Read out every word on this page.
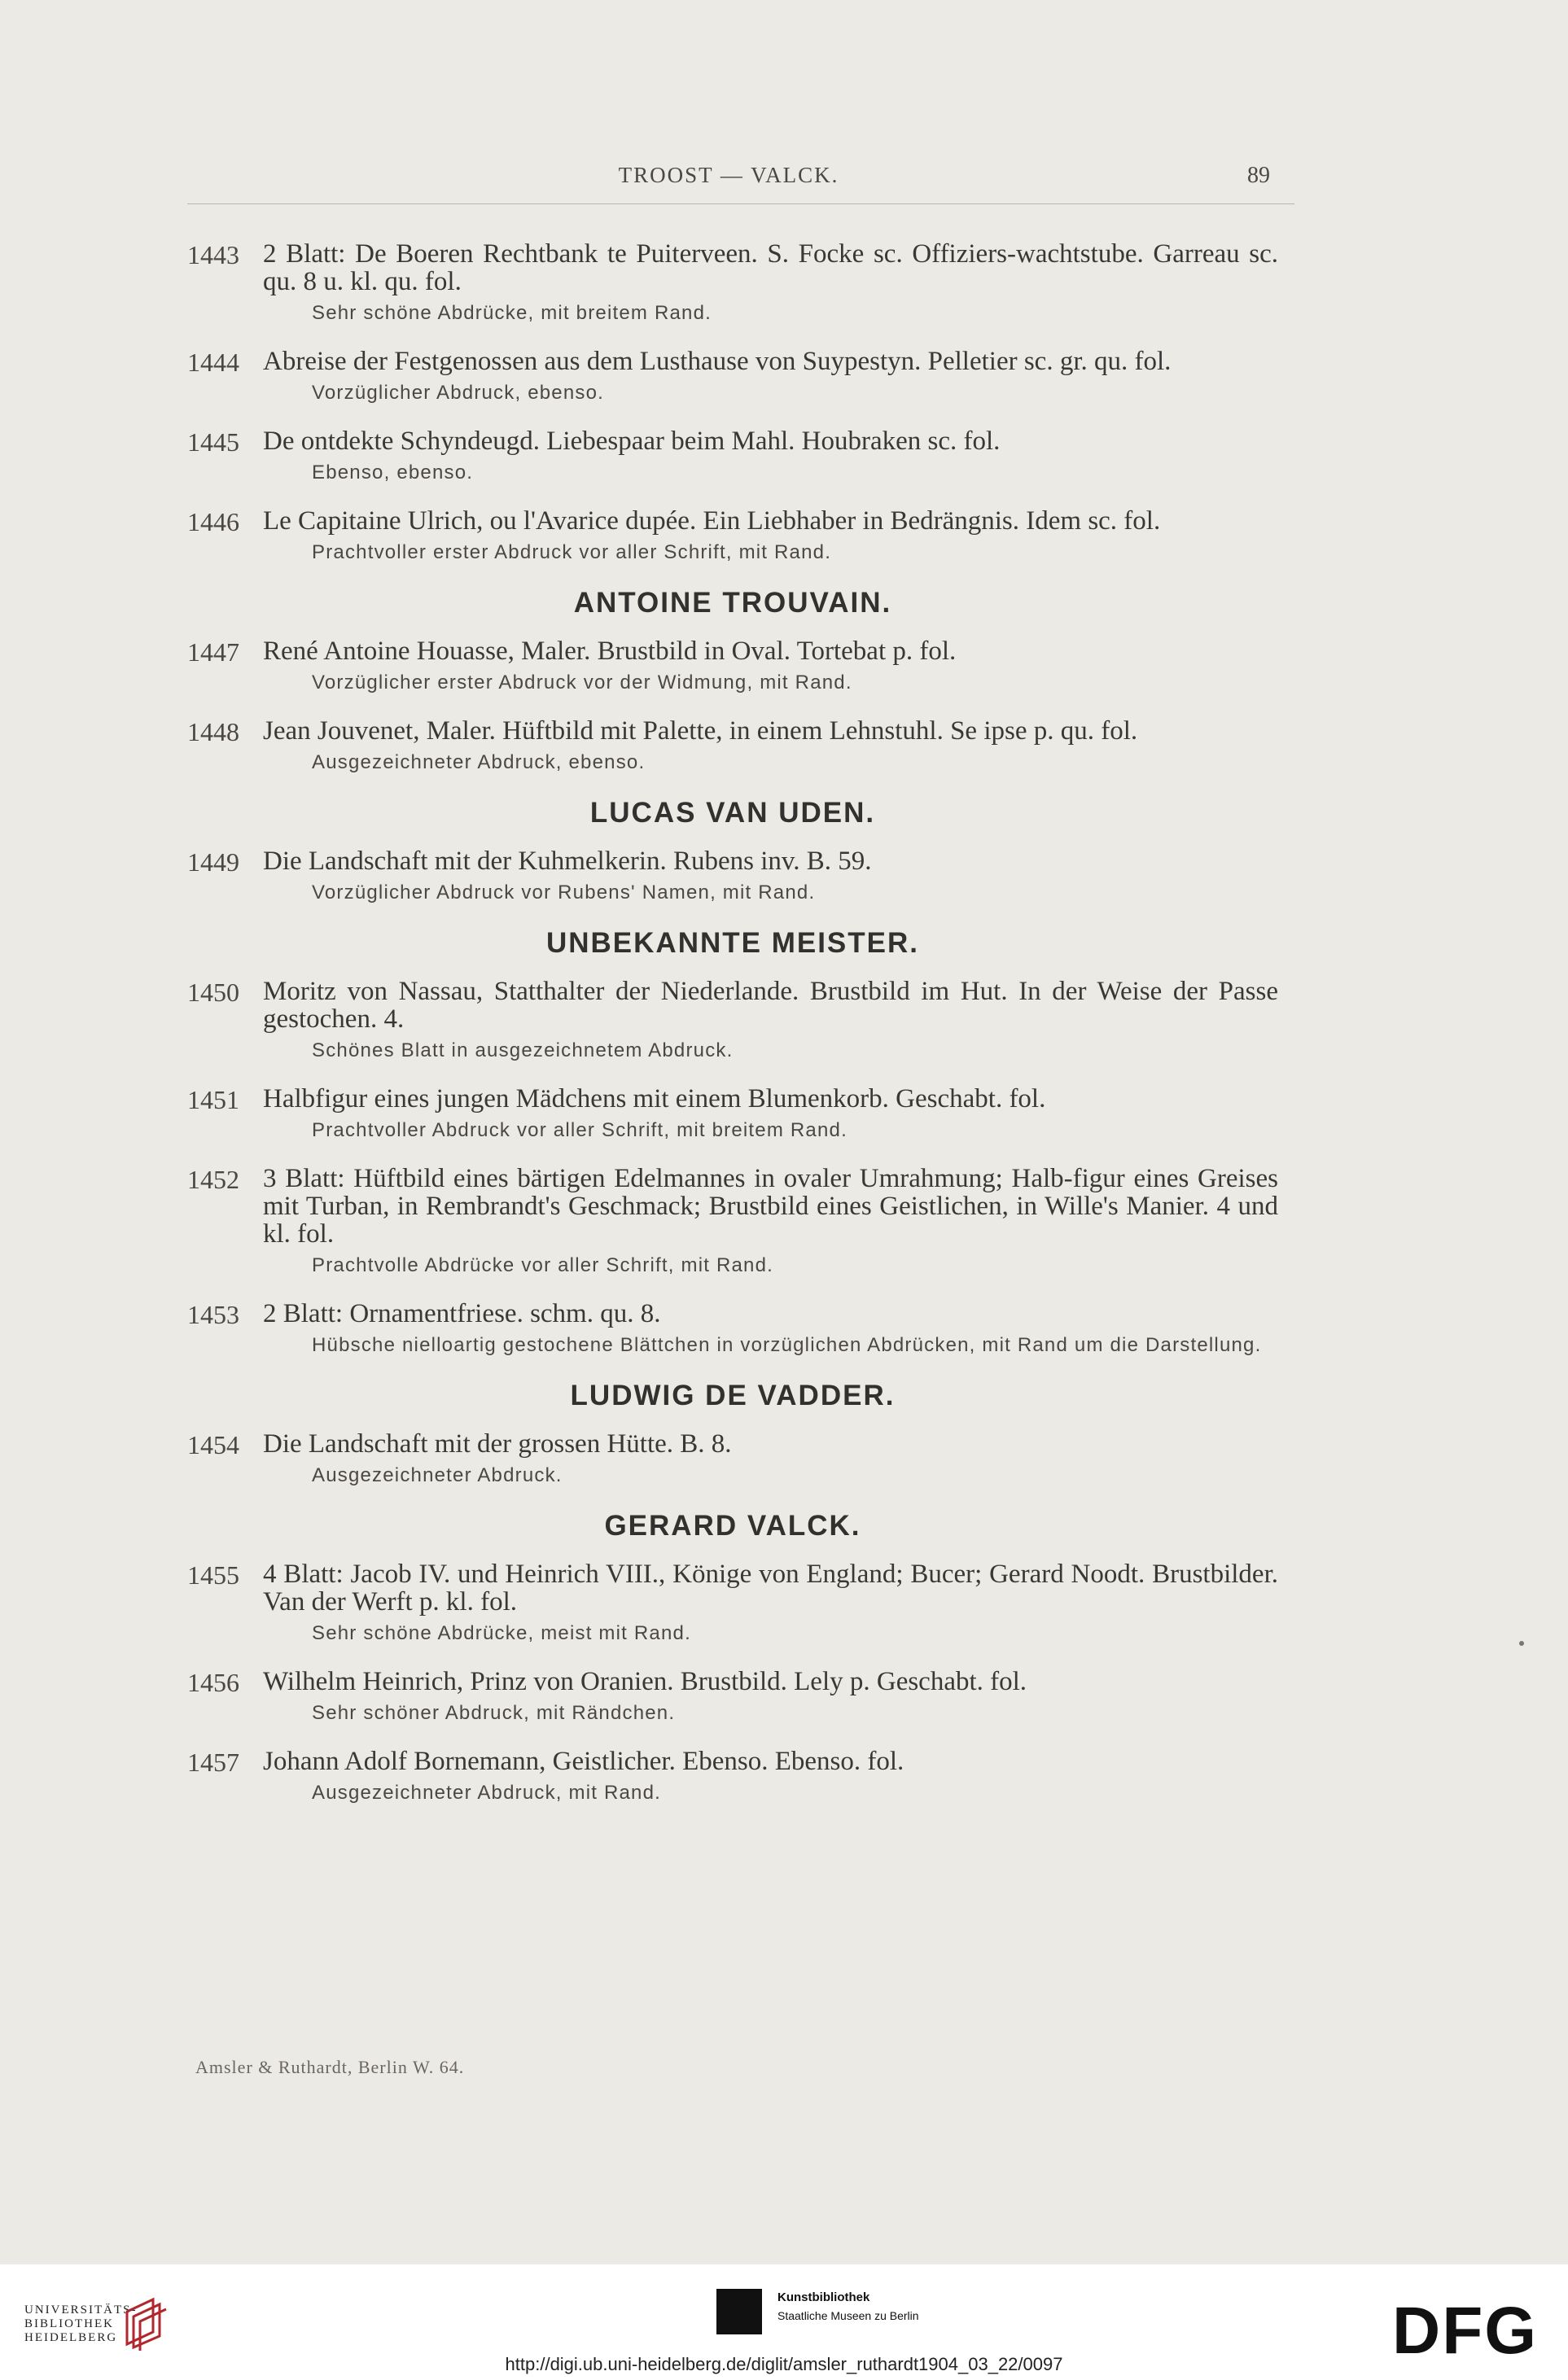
TROOST — VALCK.	89
1443 2 Blatt: De Boeren Rechtbank te Puiterveen. S. Focke sc. Offiziers-wachtstube. Garreau sc. qu. 8 u. kl. qu. fol.
Sehr schöne Abdrücke, mit breitem Rand.
1444 Abreise der Festgenossen aus dem Lusthause von Suypestyn. Pelletier sc. gr. qu. fol.
Vorzüglicher Abdruck, ebenso.
1445 De ontdekte Schyndeugd. Liebespaar beim Mahl. Houbraken sc. fol.
Ebenso, ebenso.
1446 Le Capitaine Ulrich, ou l'Avarice dupée. Ein Liebhaber in Bedrängnis. Idem sc. fol.
Prachtvoller erster Abdruck vor aller Schrift, mit Rand.
ANTOINE TROUVAIN.
1447 René Antoine Houasse, Maler. Brustbild in Oval. Tortebat p. fol.
Vorzüglicher erster Abdruck vor der Widmung, mit Rand.
1448 Jean Jouvenet, Maler. Hüftbild mit Palette, in einem Lehnstuhl. Se ipse p. qu. fol.
Ausgezeichneter Abdruck, ebenso.
LUCAS VAN UDEN.
1449 Die Landschaft mit der Kuhmelkerin. Rubens inv. B. 59.
Vorzüglicher Abdruck vor Rubens' Namen, mit Rand.
UNBEKANNTE MEISTER.
1450 Moritz von Nassau, Statthalter der Niederlande. Brustbild im Hut. In der Weise der Passe gestochen. 4.
Schönes Blatt in ausgezeichnetem Abdruck.
1451 Halbfigur eines jungen Mädchens mit einem Blumenkorb. Geschabt. fol.
Prachtvoller Abdruck vor aller Schrift, mit breitem Rand.
1452 3 Blatt: Hüftbild eines bärtigen Edelmannes in ovaler Umrahmung; Halb-figur eines Greises mit Turban, in Rembrandt's Geschmack; Brustbild eines Geistlichen, in Wille's Manier. 4 und kl. fol.
Prachtvolle Abdrücke vor aller Schrift, mit Rand.
1453 2 Blatt: Ornamentfriese. schm. qu. 8.
Hübsche nielloartig gestochene Blättchen in vorzüglichen Abdrücken, mit Rand um die Darstellung.
LUDWIG DE VADDER.
1454 Die Landschaft mit der grossen Hütte. B. 8.
Ausgezeichneter Abdruck.
GERARD VALCK.
1455 4 Blatt: Jacob IV. und Heinrich VIII., Könige von England; Bucer; Gerard Noodt. Brustbilder. Van der Werft p. kl. fol.
Sehr schöne Abdrücke, meist mit Rand.
1456 Wilhelm Heinrich, Prinz von Oranien. Brustbild. Lely p. Geschabt. fol.
Sehr schöner Abdruck, mit Rändchen.
1457 Johann Adolf Bornemann, Geistlicher. Ebenso. Ebenso. fol.
Ausgezeichneter Abdruck, mit Rand.
Amsler & Ruthardt, Berlin W. 64.
UNIVERSITÄTS-
BIBLIOTHEK
HEIDELBERG
Kunstbibliothek
Staatliche Museen zu Berlin	DFG
http://digi.ub.uni-heidelberg.de/diglit/amsler_ruthardt1904_03_22/0097
